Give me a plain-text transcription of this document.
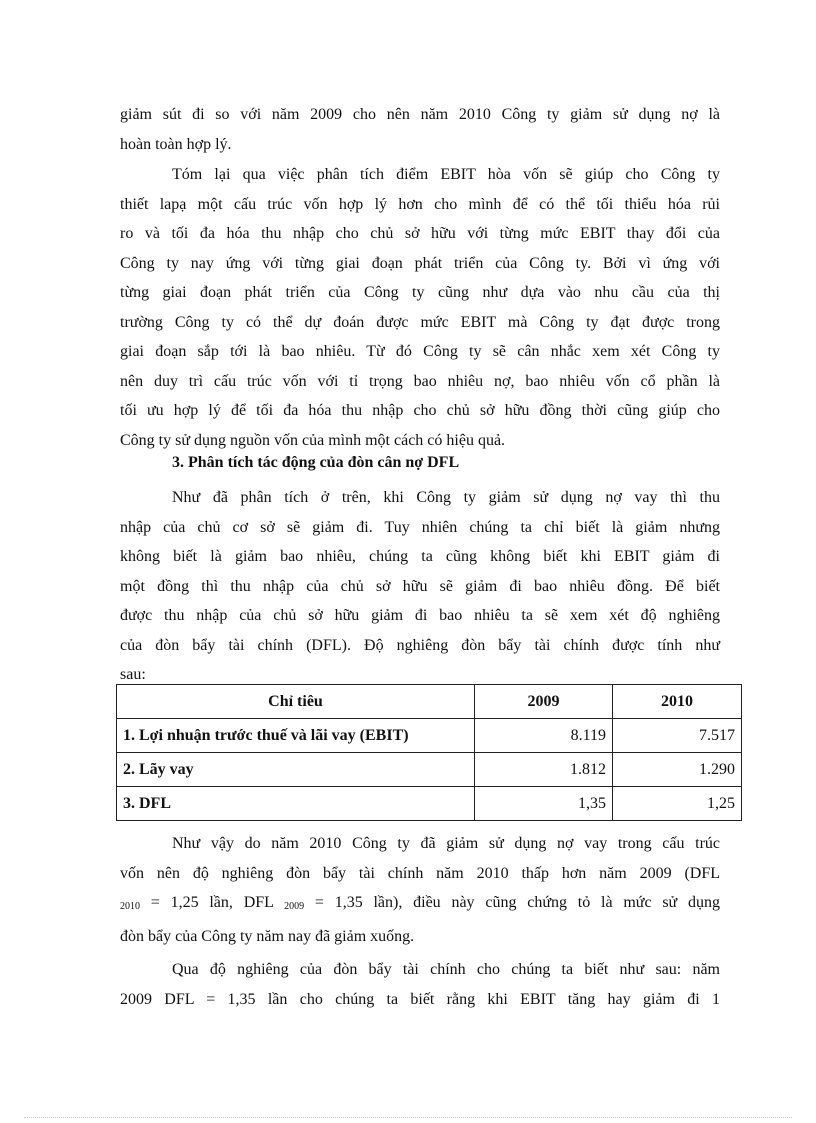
giảm sút đi so với năm 2009 cho nên năm 2010 Công ty giảm sử dụng nợ là
hoàn toàn hợp lý.
Tóm lại qua việc phân tích điểm EBIT hòa vốn sẽ giúp cho Công ty
thiết lapạ một cấu trúc vốn hợp lý hơn cho mình để có thể tối thiểu hóa rủi
ro và tối đa hóa thu nhập cho chủ sở hữu với từng mức EBIT thay đổi của
Công ty nay ứng với từng giai đoạn phát triển của Công ty. Bởi vì ứng với
từng giai đoạn phát triển của Công ty cũng như dựa vào nhu cầu của thị
trường Công ty có thể dự đoán được mức EBIT mà Công ty đạt được trong
giai đoạn sắp tới là bao nhiêu. Từ đó Công ty sẽ cân nhắc xem xét Công ty
nên duy trì cấu trúc vốn với tỉ trọng bao nhiêu nợ, bao nhiêu vốn cổ phần là
tối ưu hợp lý để tối đa hóa thu nhập cho chủ sở hữu đồng thời cũng giúp cho
Công ty sử dụng nguồn vốn của mình một cách có hiệu quả.
3. Phân tích tác động của đòn cân nợ DFL
Như đã phân tích ở trên, khi Công ty giảm sử dụng nợ vay thì thu
nhập của chủ cơ sở sẽ giảm đi. Tuy nhiên chúng ta chỉ biết là giảm nhưng
không biết là giảm bao nhiêu, chúng ta cũng không biết khi EBIT giảm đi
một đồng thì thu nhập của chủ sở hữu sẽ giảm đi bao nhiêu đồng. Để biết
được thu nhập của chủ sở hữu giảm đi bao nhiêu ta sẽ xem xét độ nghiêng
của đòn bẩy tài chính (DFL). Độ nghiêng đòn bẩy tài chính được tính như
sau:
Chỉ tiêu	2009	2010
1. Lợi nhuận trước thuế và lãi vay (EBIT)	8.119	7.517
2. Lãy vay	1.812	1.290
3. DFL	1,35	1,25
Như vậy do năm 2010 Công ty đã giảm sử dụng nợ vay trong cấu trúc
vốn nên độ nghiêng đòn bẩy tài chính năm 2010 thấp hơn năm 2009 (DFL
$_{2010}$ = 1,25 lần, DFL $_{2009}$ = 1,35 lần), điều này cũng chứng tỏ là mức sử dụng
đòn bẩy của Công ty năm nay đã giảm xuống.
Qua độ nghiêng của đòn bẩy tài chính cho chúng ta biết như sau: năm
2009 DFL = 1,35 lần cho chúng ta biết rằng khi EBIT tăng hay giảm đi 1
